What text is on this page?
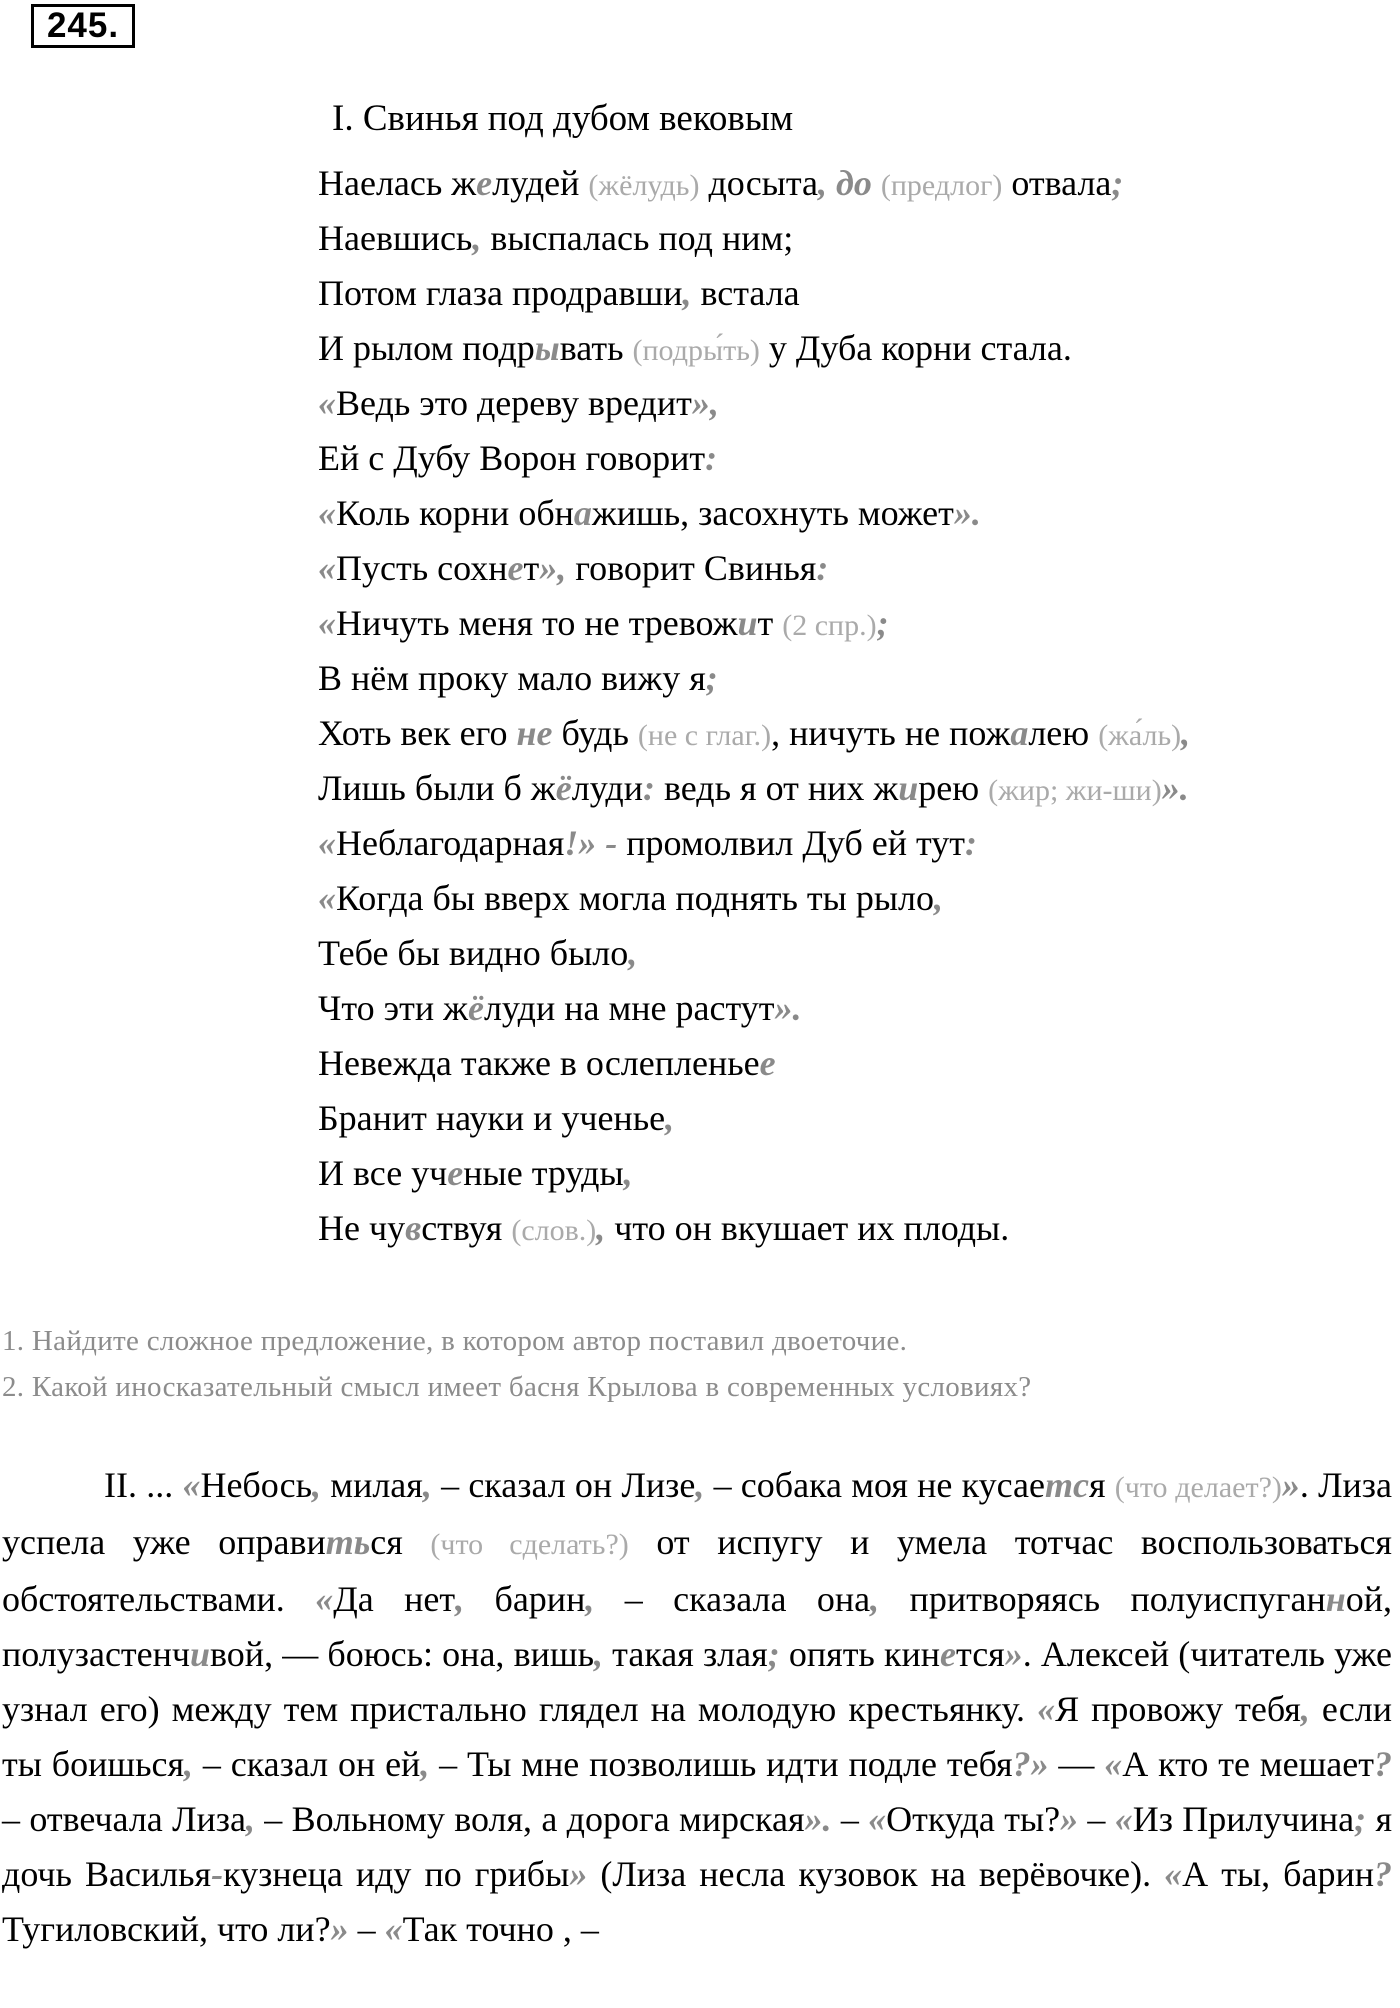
245.
I. Свинья под дубом вековым
Наелась желудей (жёлудь) досыта, до (предлог) отвала;
Наевшись, выспалась под ним;
Потом глаза продравши, встала
И рылом подрывать (подры́ть) у Дуба корни стала.
«Ведь это дереву вредит»,
Ей с Дубу Ворон говорит:
«Коль корни обнажишь, засохнуть может».
«Пусть сохнет», говорит Свинья:
«Ничуть меня то не тревожит (2 спр.);
В нём проку мало вижу я;
Хоть век его не будь (не с глаг.), ничуть не пожалею (жа́ль),
Лишь были б жёлуди: ведь я от них жирею (жир; жи-ши)».
«Неблагодарная!» - промолвил Дуб ей тут:
«Когда бы вверх могла поднять ты рыло,
Тебе бы видно было,
Что эти жёлуди на мне растут».
Невежда также в ослепленьее
Бранит науки и ученье,
И все ученые труды,
Не чувствуя (слов.), что он вкушает их плоды.
1. Найдите сложное предложение, в котором автор поставил двоеточие.
2. Какой иносказательный смысл имеет басня Крылова в современных условиях?
II. ... «Небось, милая, – сказал он Лизе, – собака моя не кусается (что делает?)». Лиза успела уже оправиться (что сделать?) от испугу и умела тотчас воспользоваться обстоятельствами. «Да нет, барин, – сказала она, притворяясь полуиспуганной, полузастенчивой, — боюсь: она, вишь, такая злая; опять кинется». Алексей (читатель уже узнал его) между тем пристально глядел на молодую крестьянку. «Я провожу тебя, если ты боишься, – сказал он ей, – Ты мне позволишь идти подле тебя?» — «А кто те мешает? – отвечала Лиза, – Вольному воля, а дорога мирская». – «Откуда ты?» – «Из Прилучина; я дочь Василья-кузнеца иду по грибы» (Лиза несла кузовок на верёвочке). «А ты, барин? Тугиловский, что ли?» – «Так точно , –
